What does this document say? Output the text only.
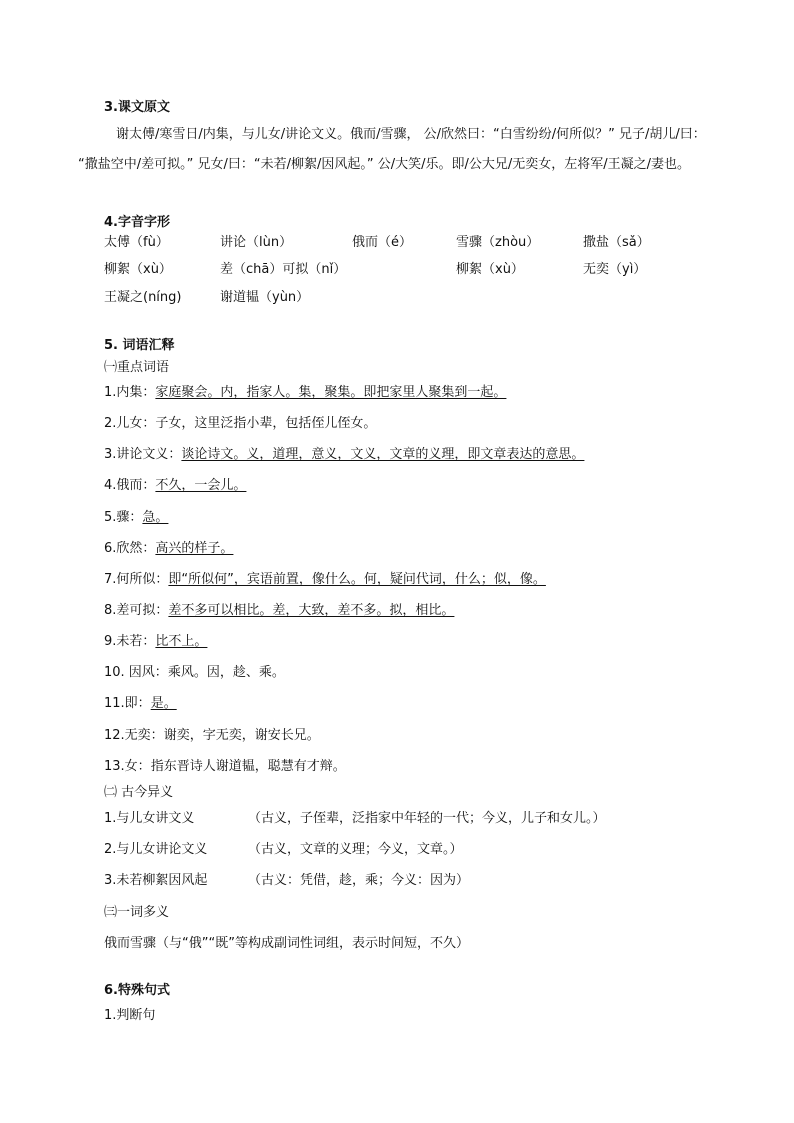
3.课文原文
谢太傅/寒雪日/内集，与儿女/讲论文义。俄而/雪骤， 公/欣然曰：“白雪纷纷/何所似？” 兄子/胡儿/曰：
“撒盐空中/差可拟。” 兄女/曰：“未若/柳絮/因风起。” 公/大笑/乐。即/公大兄/无奕女，左将军/王凝之/妻也。
4.字音字形
太傅（fù）	讲论（lùn）	俄而（é）	雪骤（zhòu）	撒盐（sǎ）
柳絮（xù）	差（chā）可拟（nǐ）	柳絮（xù）	无奕（yì）
王凝之(níng)	谢道韫（yùn）
5. 词语汇释
㈠重点词语
1.内集：家庭聚会。内，指家人。集，聚集。即把家里人聚集到一起。
2.儿女：子女，这里泛指小辈，包括侄儿侄女。
3.讲论文义：谈论诗文。义，道理，意义，文义，文章的义理，即文章表达的意思。
4.俄而：不久，一会儿。
5.骤：急。
6.欣然：高兴的样子。
7.何所似：即“所似何”，宾语前置，像什么。何，疑问代词，什么；似，像。
8.差可拟：差不多可以相比。差，大致，差不多。拟，相比。
9.未若：比不上。
10. 因风：乘风。因，趁、乘。
11.即：是。
12.无奕：谢奕，字无奕，谢安长兄。
13.女：指东晋诗人谢道韫，聪慧有才辩。
㈡ 古今异义
1.与儿女讲文义	（古义，子侄辈，泛指家中年轻的一代；今义，儿子和女儿。）
2.与儿女讲论文义	（古义，文章的义理；今义，文章。）
3.未若柳絮因风起	（古义：凭借，趁，乘；今义：因为）
㈢一词多义
俄而雪骤（与“俄”“既”等构成副词性词组，表示时间短，不久）
6.特殊句式
1.判断句
